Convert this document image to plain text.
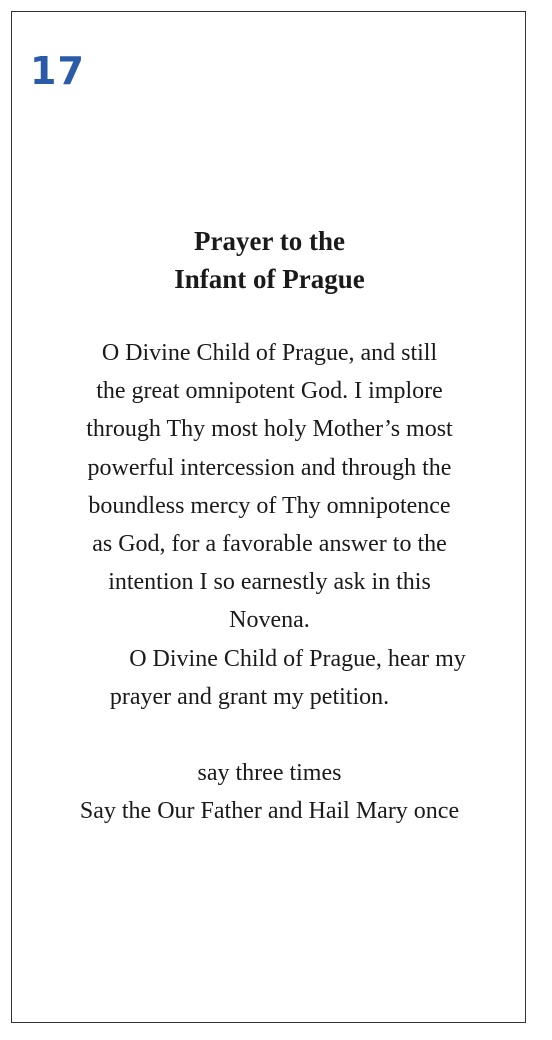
17
Prayer to the
Infant of Prague
O Divine Child of Prague, and still
the great omnipotent God. I implore
through Thy most holy Mother’s most
powerful intercession and through the
boundless mercy of Thy omnipotence
as God, for a favorable answer to the
intention I so earnestly ask in this
Novena.
O Divine Child of Prague, hear my
prayer and grant my petition.
say three times
Say the Our Father and Hail Mary once
